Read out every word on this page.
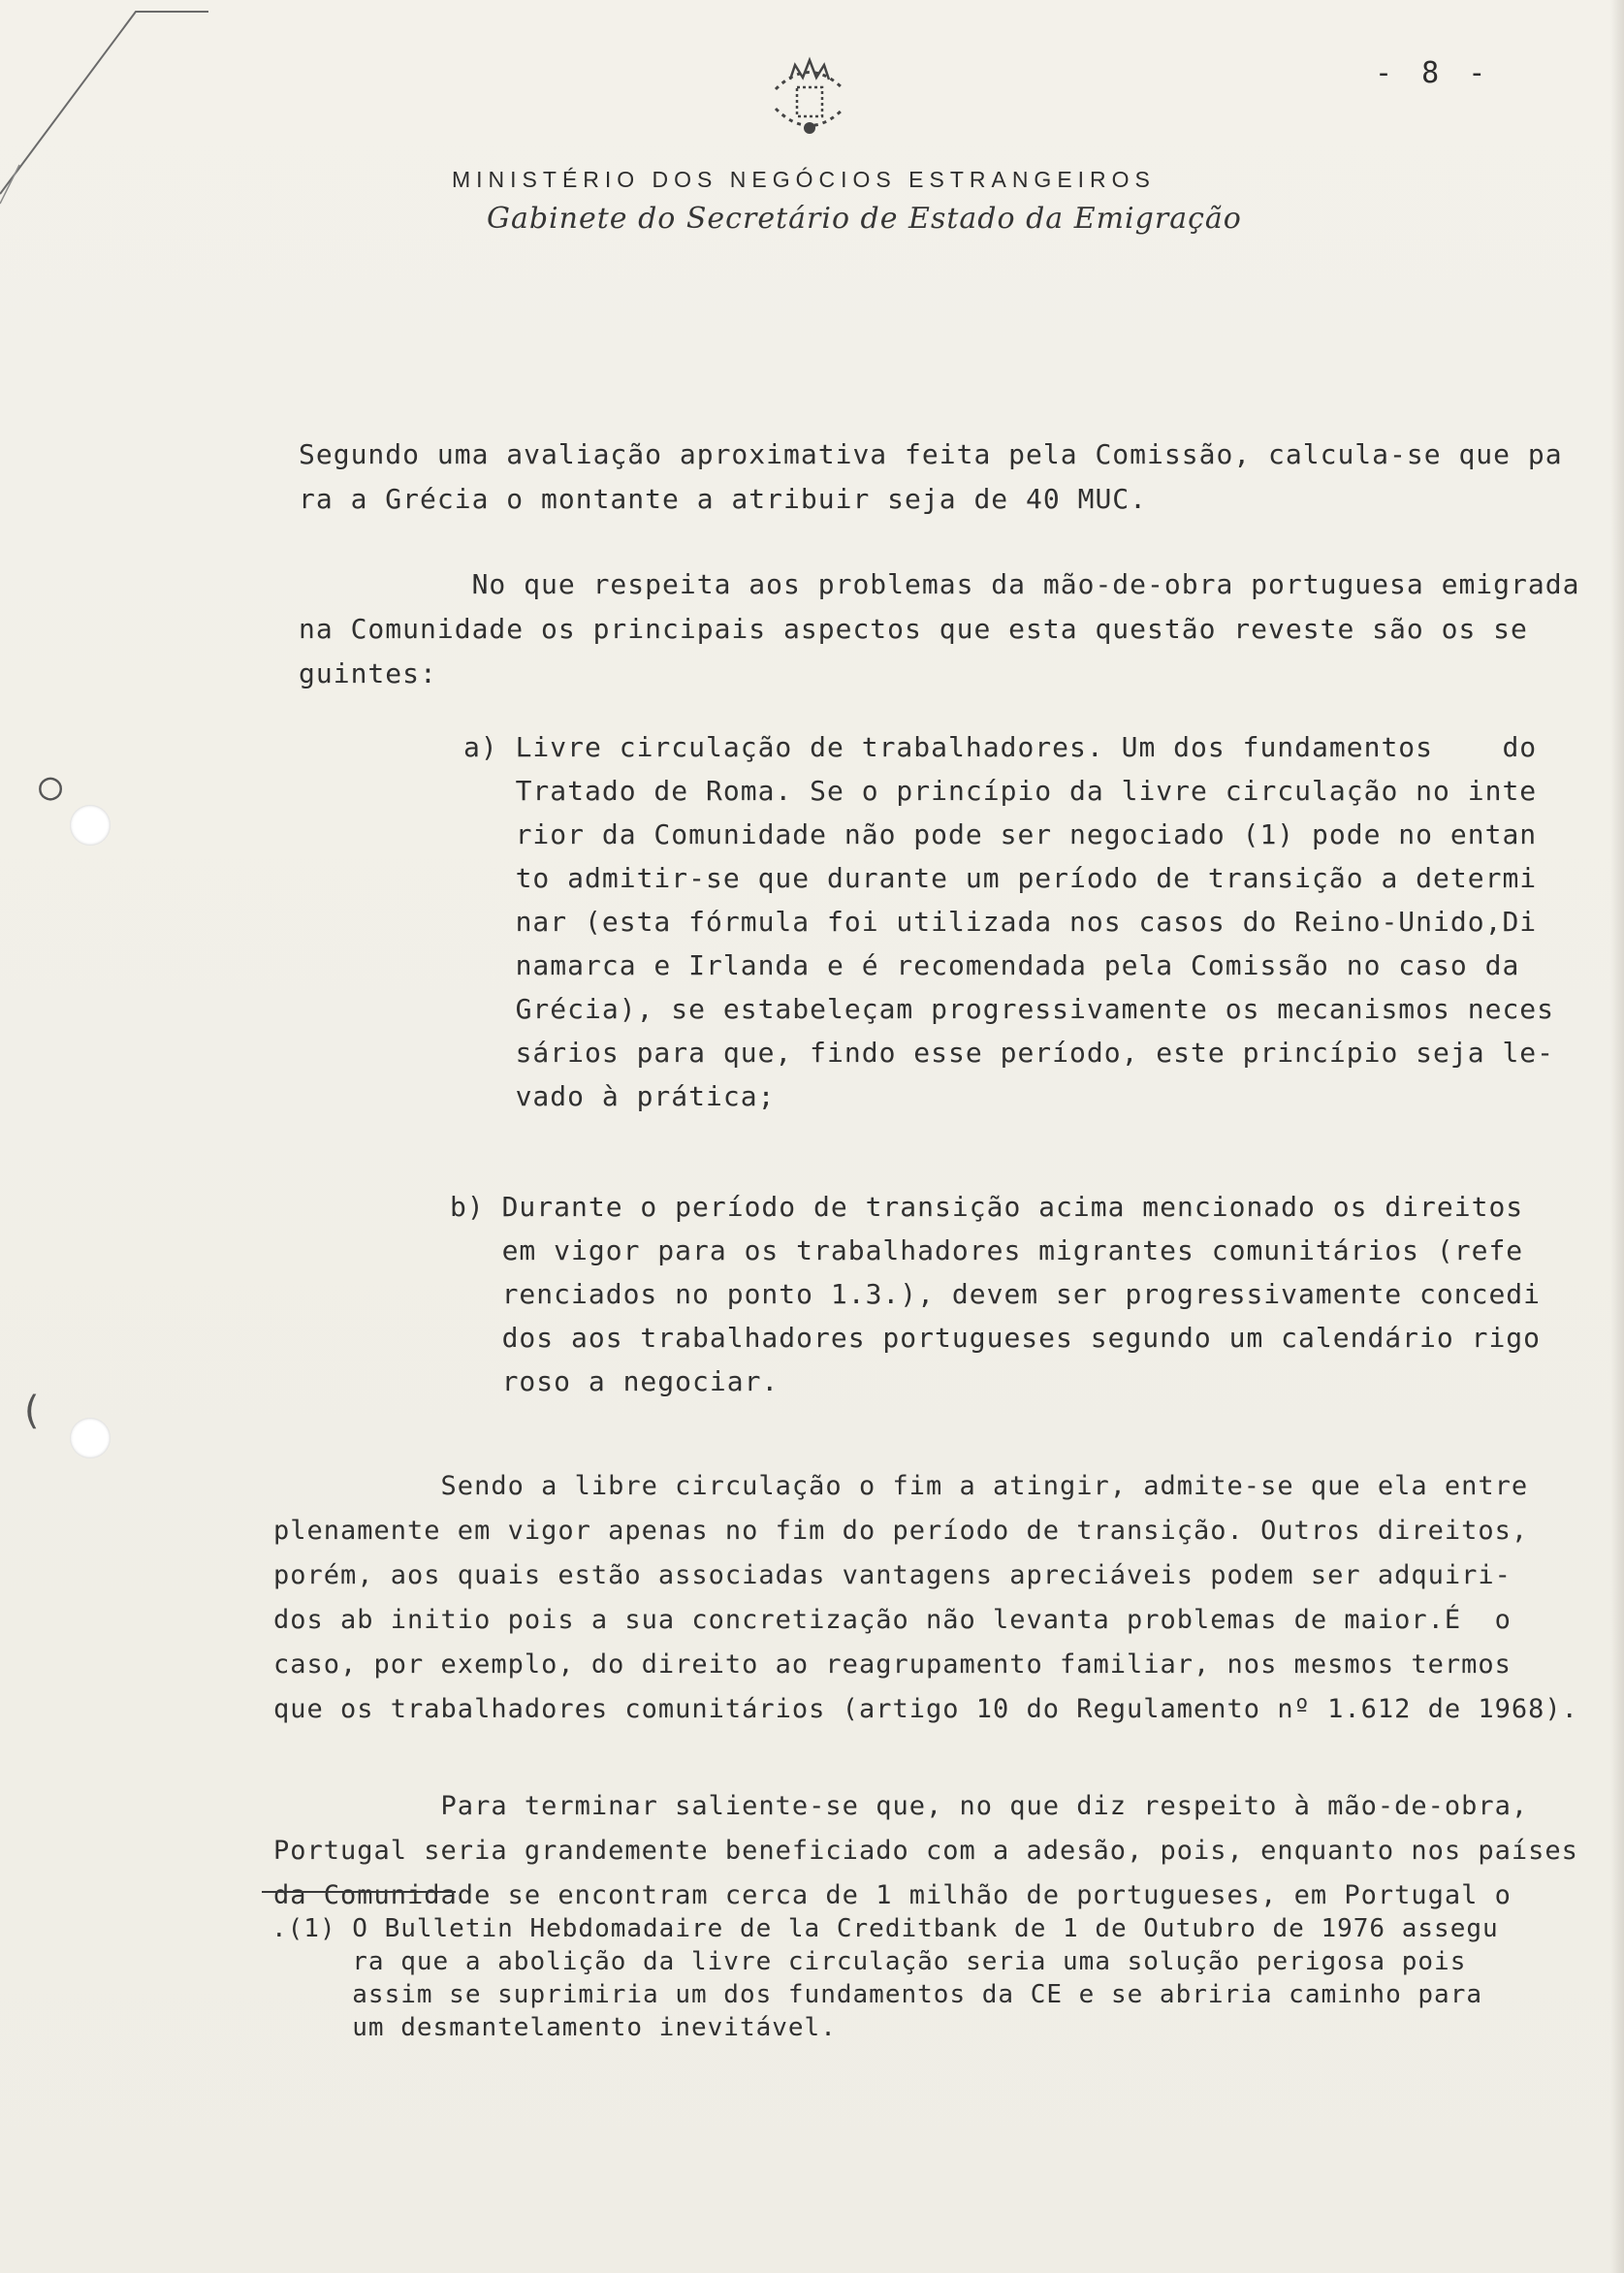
○
(
- 8 -
MINISTÉRIO DOS NEGÓCIOS ESTRANGEIROS
Gabinete do Secretário de Estado da Emigração
Segundo uma avaliação aproximativa feita pela Comissão, calcula-se que pa
ra a Grécia o montante a atribuir seja de 40 MUC.
No que respeita aos problemas da mão-de-obra portuguesa emigrada
na Comunidade os principais aspectos que esta questão reveste são os se
guintes:
a) Livre circulação de trabalhadores. Um dos fundamentos    do
Tratado de Roma. Se o princípio da livre circulação no inte
rior da Comunidade não pode ser negociado (1) pode no entan
to admitir-se que durante um período de transição a determi
nar (esta fórmula foi utilizada nos casos do Reino-Unido,Di
namarca e Irlanda e é recomendada pela Comissão no caso da
Grécia), se estabeleçam progressivamente os mecanismos neces
sários para que, findo esse período, este princípio seja le-
vado à prática;
b) Durante o período de transição acima mencionado os direitos
em vigor para os trabalhadores migrantes comunitários (refe
renciados no ponto 1.3.), devem ser progressivamente concedi
dos aos trabalhadores portugueses segundo um calendário rigo
roso a negociar.
Sendo a libre circulação o fim a atingir, admite-se que ela entre
plenamente em vigor apenas no fim do período de transição. Outros direitos,
porém, aos quais estão associadas vantagens apreciáveis podem ser adquiri-
dos ab initio pois a sua concretização não levanta problemas de maior.É  o
caso, por exemplo, do direito ao reagrupamento familiar, nos mesmos termos
que os trabalhadores comunitários (artigo 10 do Regulamento nº 1.612 de 1968).
Para terminar saliente-se que, no que diz respeito à mão-de-obra,
Portugal seria grandemente beneficiado com a adesão, pois, enquanto nos países
da Comunidade se encontram cerca de 1 milhão de portugueses, em Portugal o
.(1) O Bulletin Hebdomadaire de la Creditbank de 1 de Outubro de 1976 assegu
ra que a abolição da livre circulação seria uma solução perigosa pois
assim se suprimiria um dos fundamentos da CE e se abriria caminho para
um desmantelamento inevitável.
